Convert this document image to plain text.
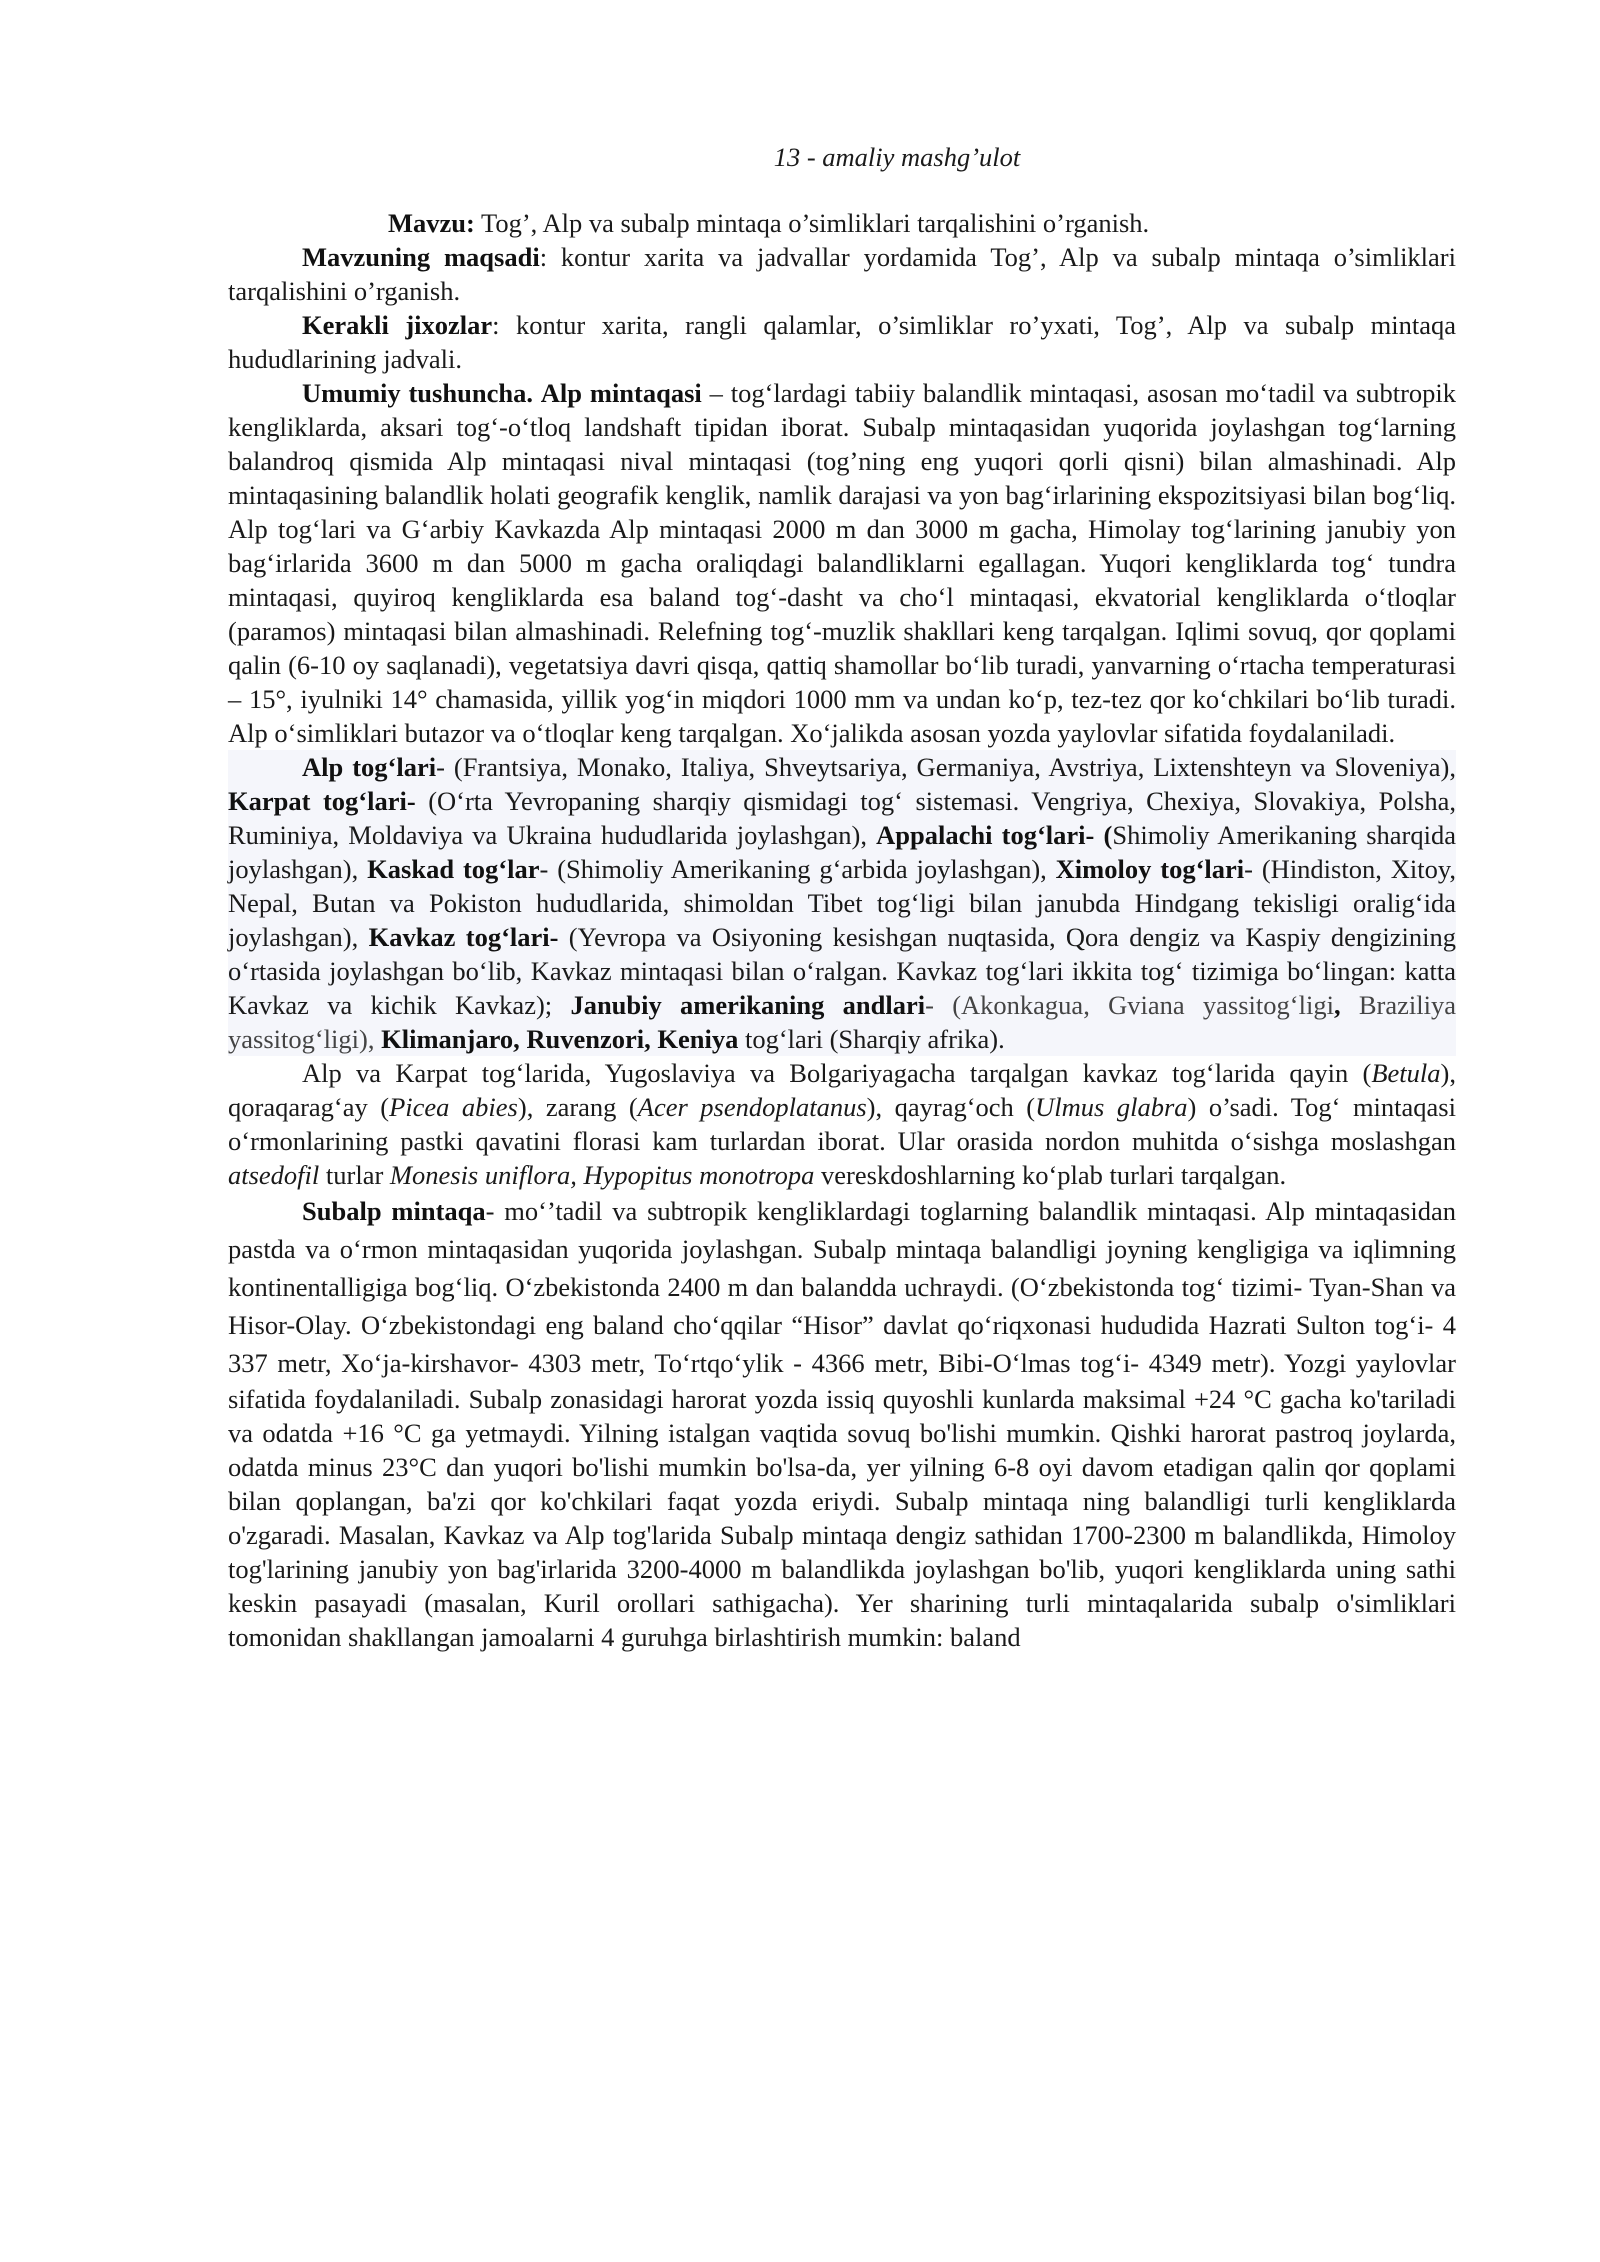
13 - amaliy mashg’ulot

Mavzu: Tog’, Alp va subalp mintaqa o’simliklari tarqalishini o’rganish.

Mavzuning maqsadi: kontur xarita va jadvallar yordamida Tog’, Alp va subalp mintaqa o’simliklari tarqalishini o’rganish.

Kerakli jixozlar: kontur xarita, rangli qalamlar, o’simliklar ro’yxati, Tog’, Alp va subalp mintaqa hududlarining jadvali.

Umumiy tushuncha. Alp mintaqasi – tog‘lardagi tabiiy balandlik mintaqasi, asosan mo‘tadil va subtropik kengliklarda, aksari tog‘-o‘tloq landshaft tipidan iborat. Subalp mintaqasidan yuqorida joylashgan tog‘larning balandroq qismida Alp mintaqasi nival mintaqasi (tog’ning eng yuqori qorli qisni) bilan almashinadi. Alp mintaqasining balandlik holati geografik kenglik, namlik darajasi va yon bag‘irlarining ekspozitsiyasi bilan bog‘liq. Alp tog‘lari va G‘arbiy Kavkazda Alp mintaqasi 2000 m dan 3000 m gacha, Himolay tog‘larining janubiy yon bag‘irlarida 3600 m dan 5000 m gacha oraliqdagi balandliklarni egallagan. Yuqori kengliklarda tog‘ tundra mintaqasi, quyiroq kengliklarda esa baland tog‘-dasht va cho‘l mintaqasi, ekvatorial kengliklarda o‘tloqlar (paramos) mintaqasi bilan almashinadi. Relefning tog‘-muzlik shakllari keng tarqalgan. Iqlimi sovuq, qor qoplami qalin (6-10 oy saqlanadi), vegetatsiya davri qisqa, qattiq shamollar bo‘lib turadi, yanvarning o‘rtacha temperaturasi – 15°, iyulniki 14° chamasida, yillik yog‘in miqdori 1000 mm va undan ko‘p, tez-tez qor ko‘chkilari bo‘lib turadi. Alp o‘simliklari butazor va o‘tloqlar keng tarqalgan. Xo‘jalikda asosan yozda yaylovlar sifatida foydalaniladi.

Alp tog‘lari- (Frantsiya, Monako, Italiya, Shveytsariya, Germaniya, Avstriya, Lixtenshteyn va Sloveniya), Karpat tog‘lari- (O‘rta Yevropaning sharqiy qismidagi tog‘ sistemasi. Vengriya, Chexiya, Slovakiya, Polsha, Ruminiya, Moldaviya va Ukraina hududlarida joylashgan), Appalachi tog‘lari- (Shimoliy Amerikaning sharqida joylashgan), Kaskad tog‘lar- (Shimoliy Amerikaning g‘arbida joylashgan), Ximoloy tog‘lari- (Hindiston, Xitoy, Nepal, Butan va Pokiston hududlarida, shimoldan Tibet tog‘ligi bilan janubda Hindgang tekisligi oralig‘ida joylashgan), Kavkaz tog‘lari- (Yevropa va Osiyoning kesishgan nuqtasida, Qora dengiz va Kaspiy dengizining o‘rtasida joylashgan bo‘lib, Kavkaz mintaqasi bilan o‘ralgan. Kavkaz tog‘lari ikkita tog‘ tizimiga bo‘lingan: katta Kavkaz va kichik Kavkaz); Janubiy amerikaning andlari- (Akonkagua, Gviana yassitog‘ligi, Braziliya yassitog‘ligi), Klimanjaro, Ruvenzori, Keniya tog‘lari (Sharqiy afrika).

Alp va Karpat tog‘larida, Yugoslaviya va Bolgariyagacha tarqalgan kavkaz tog‘larida qayin (Betula), qoraqarag‘ay (Picea abies), zarang (Acer psendoplatanus), qayrag‘och (Ulmus glabra) o’sadi. Tog‘ mintaqasi o‘rmonlarining pastki qavatini florasi kam turlardan iborat. Ular orasida nordon muhitda o‘sishga moslashgan atsedofil turlar Monesis uniflora, Hypopitus monotropa vereskdoshlarning ko‘plab turlari tarqalgan.

Subalp mintaqa- mo‘’tadil va subtropik kengliklardagi toglarning balandlik mintaqasi. Alp mintaqasidan pastda va o‘rmon mintaqasidan yuqorida joylashgan. Subalp mintaqa balandligi joyning kengligiga va iqlimning kontinentalligiga bog‘liq. O‘zbekistonda 2400 m dan balandda uchraydi. (O‘zbekistonda tog‘ tizimi- Tyan-Shan va Hisor-Olay. O‘zbekistondagi eng baland cho‘qqilar “Hisor” davlat qo‘riqxonasi hududida Hazrati Sulton tog‘i- 4 337 metr, Xo‘ja-kirshavor- 4303 metr, To‘rtqo‘ylik - 4366 metr, Bibi-O‘lmas tog‘i- 4349 metr). Yozgi yaylovlar sifatida foydalaniladi. Subalp zonasidagi harorat yozda issiq quyoshli kunlarda maksimal +24 °C gacha ko'tariladi va odatda +16 °C ga yetmaydi. Yilning istalgan vaqtida sovuq bo'lishi mumkin. Qishki harorat pastroq joylarda, odatda minus 23°C dan yuqori bo'lishi mumkin bo'lsa-da, yer yilning 6-8 oyi davom etadigan qalin qor qoplami bilan qoplangan, ba'zi qor ko'chkilari faqat yozda eriydi. Subalp mintaqa ning balandligi turli kengliklarda o'zgaradi. Masalan, Kavkaz va Alp tog'larida Subalp mintaqa dengiz sathidan 1700-2300 m balandlikda, Himoloy tog'larining janubiy yon bag'irlarida 3200-4000 m balandlikda joylashgan bo'lib, yuqori kengliklarda uning sathi keskin pasayadi (masalan, Kuril orollari sathigacha). Yer sharining turli mintaqalarida subalp o'simliklari tomonidan shakllangan jamoalarni 4 guruhga birlashtirish mumkin: baland
